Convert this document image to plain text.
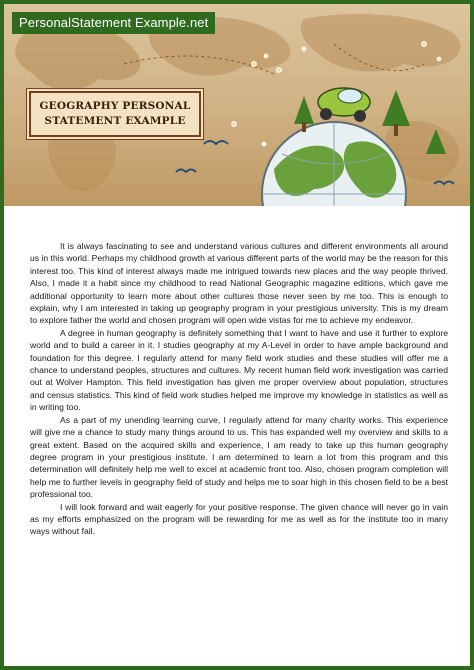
PersonalStatement Example.net
GEOGRAPHY PERSONAL
STATEMENT EXAMPLE

It is always fascinating to see and understand various cultures and different environments all around us in this world. Perhaps my childhood growth at various different parts of the world may be the reason for this interest too. This kind of interest always made me intrigued towards new places and the way people thrived. Also, I made it a habit since my childhood to read National Geographic magazine editions, which gave me additional opportunity to learn more about other cultures those never seen by me too. This is enough to explain, why I am interested in taking up geography program in your prestigious university. This is my dream to explore father the world and chosen program will open wide vistas for me to achieve my endeavor.

A degree in human geography is definitely something that I want to have and use it further to explore world and to build a career in it. I studies geography at my A-Level in order to have ample background and foundation for this degree. I regularly attend for many field work studies and these studies will offer me a chance to understand peoples, structures and cultures. My recent human field work investigation was carried out at Wolver Hampton. This field investigation has given me proper overview about population, structures and census statistics. This kind of field work studies helped me improve my knowledge in statistics as well as in writing too.

As a part of my unending learning curve, I regularly attend for many charity works. This experience will give me a chance to study many things around to us. This has expanded well my overview and skills to a great extent. Based on the acquired skills and experience, I am ready to take up this human geography degree program in your prestigious institute. I am determined to learn a lot from this program and this determination will definitely help me well to excel at academic front too. Also, chosen program completion will help me to further levels in geography field of study and helps me to soar high in this chosen field to be a best professional too.

I will look forward and wait eagerly for your positive response. The given chance will never go in vain as my efforts emphasized on the program will be rewarding for me as well as for the institute too in many ways without fail.
